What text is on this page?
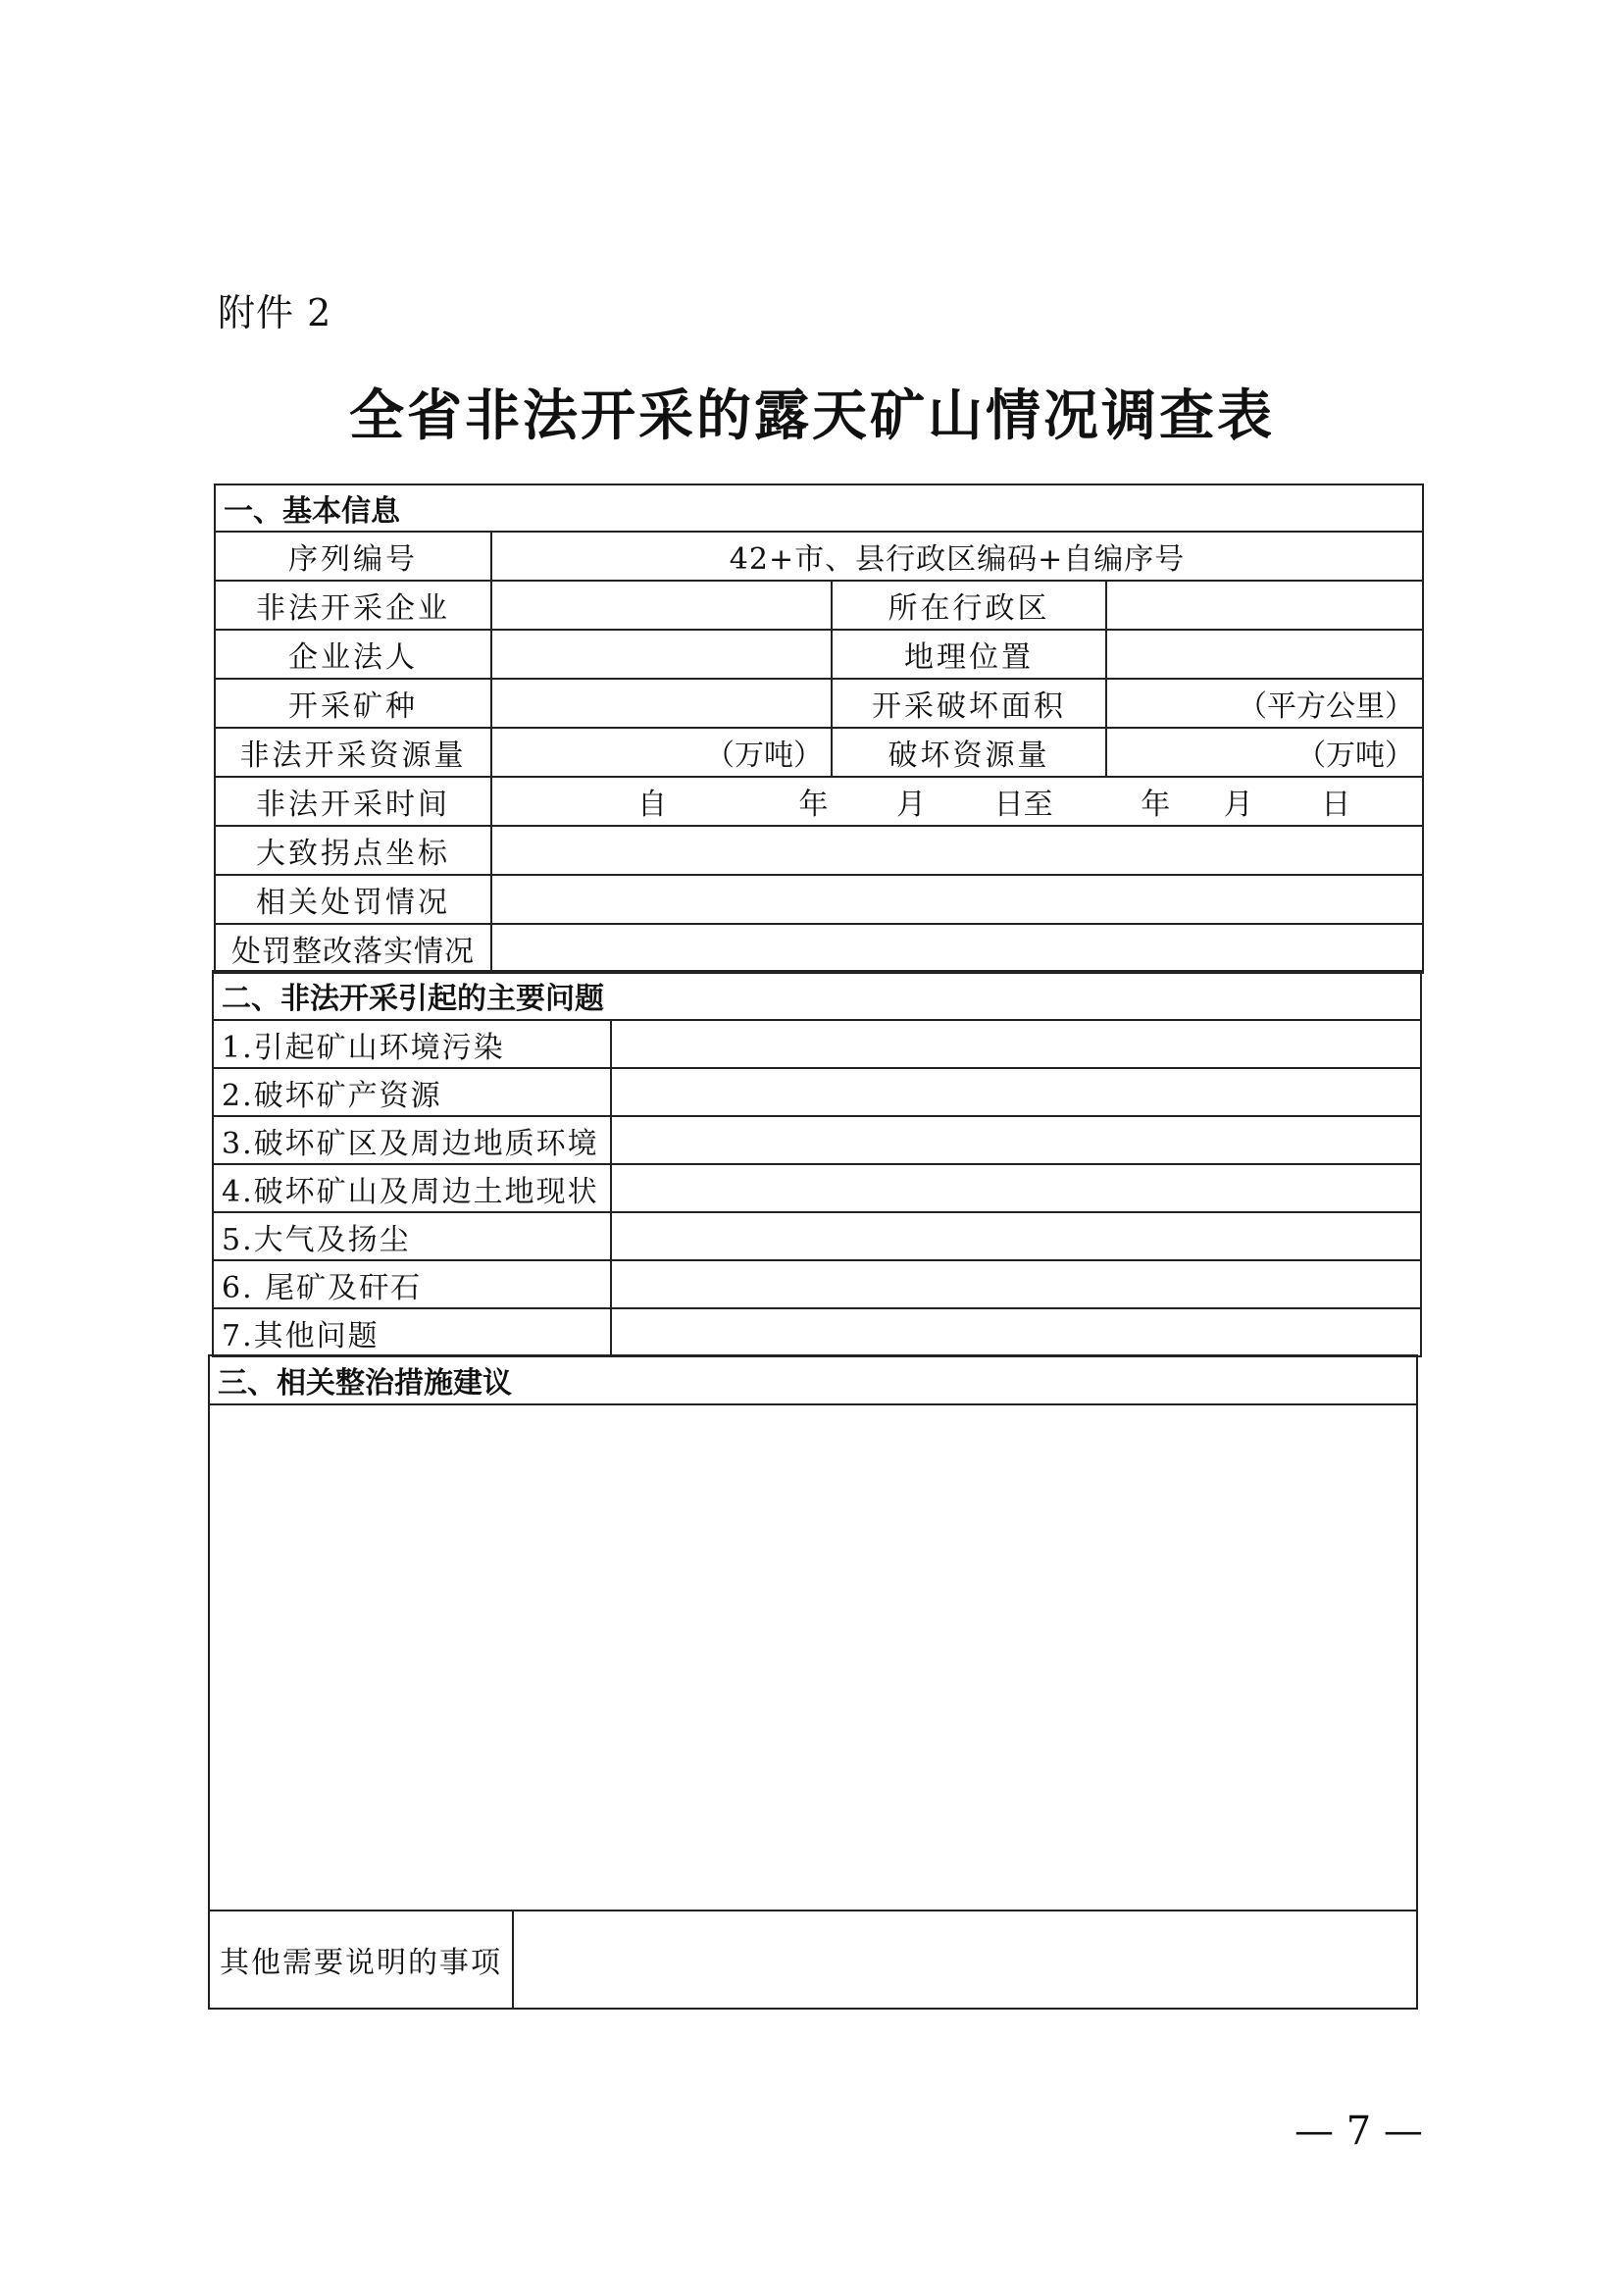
附件 2
全省非法开采的露天矿山情况调查表
一、基本信息			
序列编号	42+市、县行政区编码+自编序号		
非法开采企业		所在行政区	
企业法人		地理位置	
开采矿种		开采破坏面积	（平方公里）
非法开采资源量	（万吨）	破坏资源量	（万吨）
非法开采时间	自 年 月 日至 年 月 日		
大致拐点坐标			
相关处罚情况			
处罚整改落实情况			
二、非法开采引起的主要问题	
1.引起矿山环境污染	
2.破坏矿产资源	
3.破坏矿区及周边地质环境	
4.破坏矿山及周边土地现状	
5.大气及扬尘	
6. 尾矿及矸石	
7.其他问题	
三、相关整治措施建议

其他需要说明的事项	
— 7 —
